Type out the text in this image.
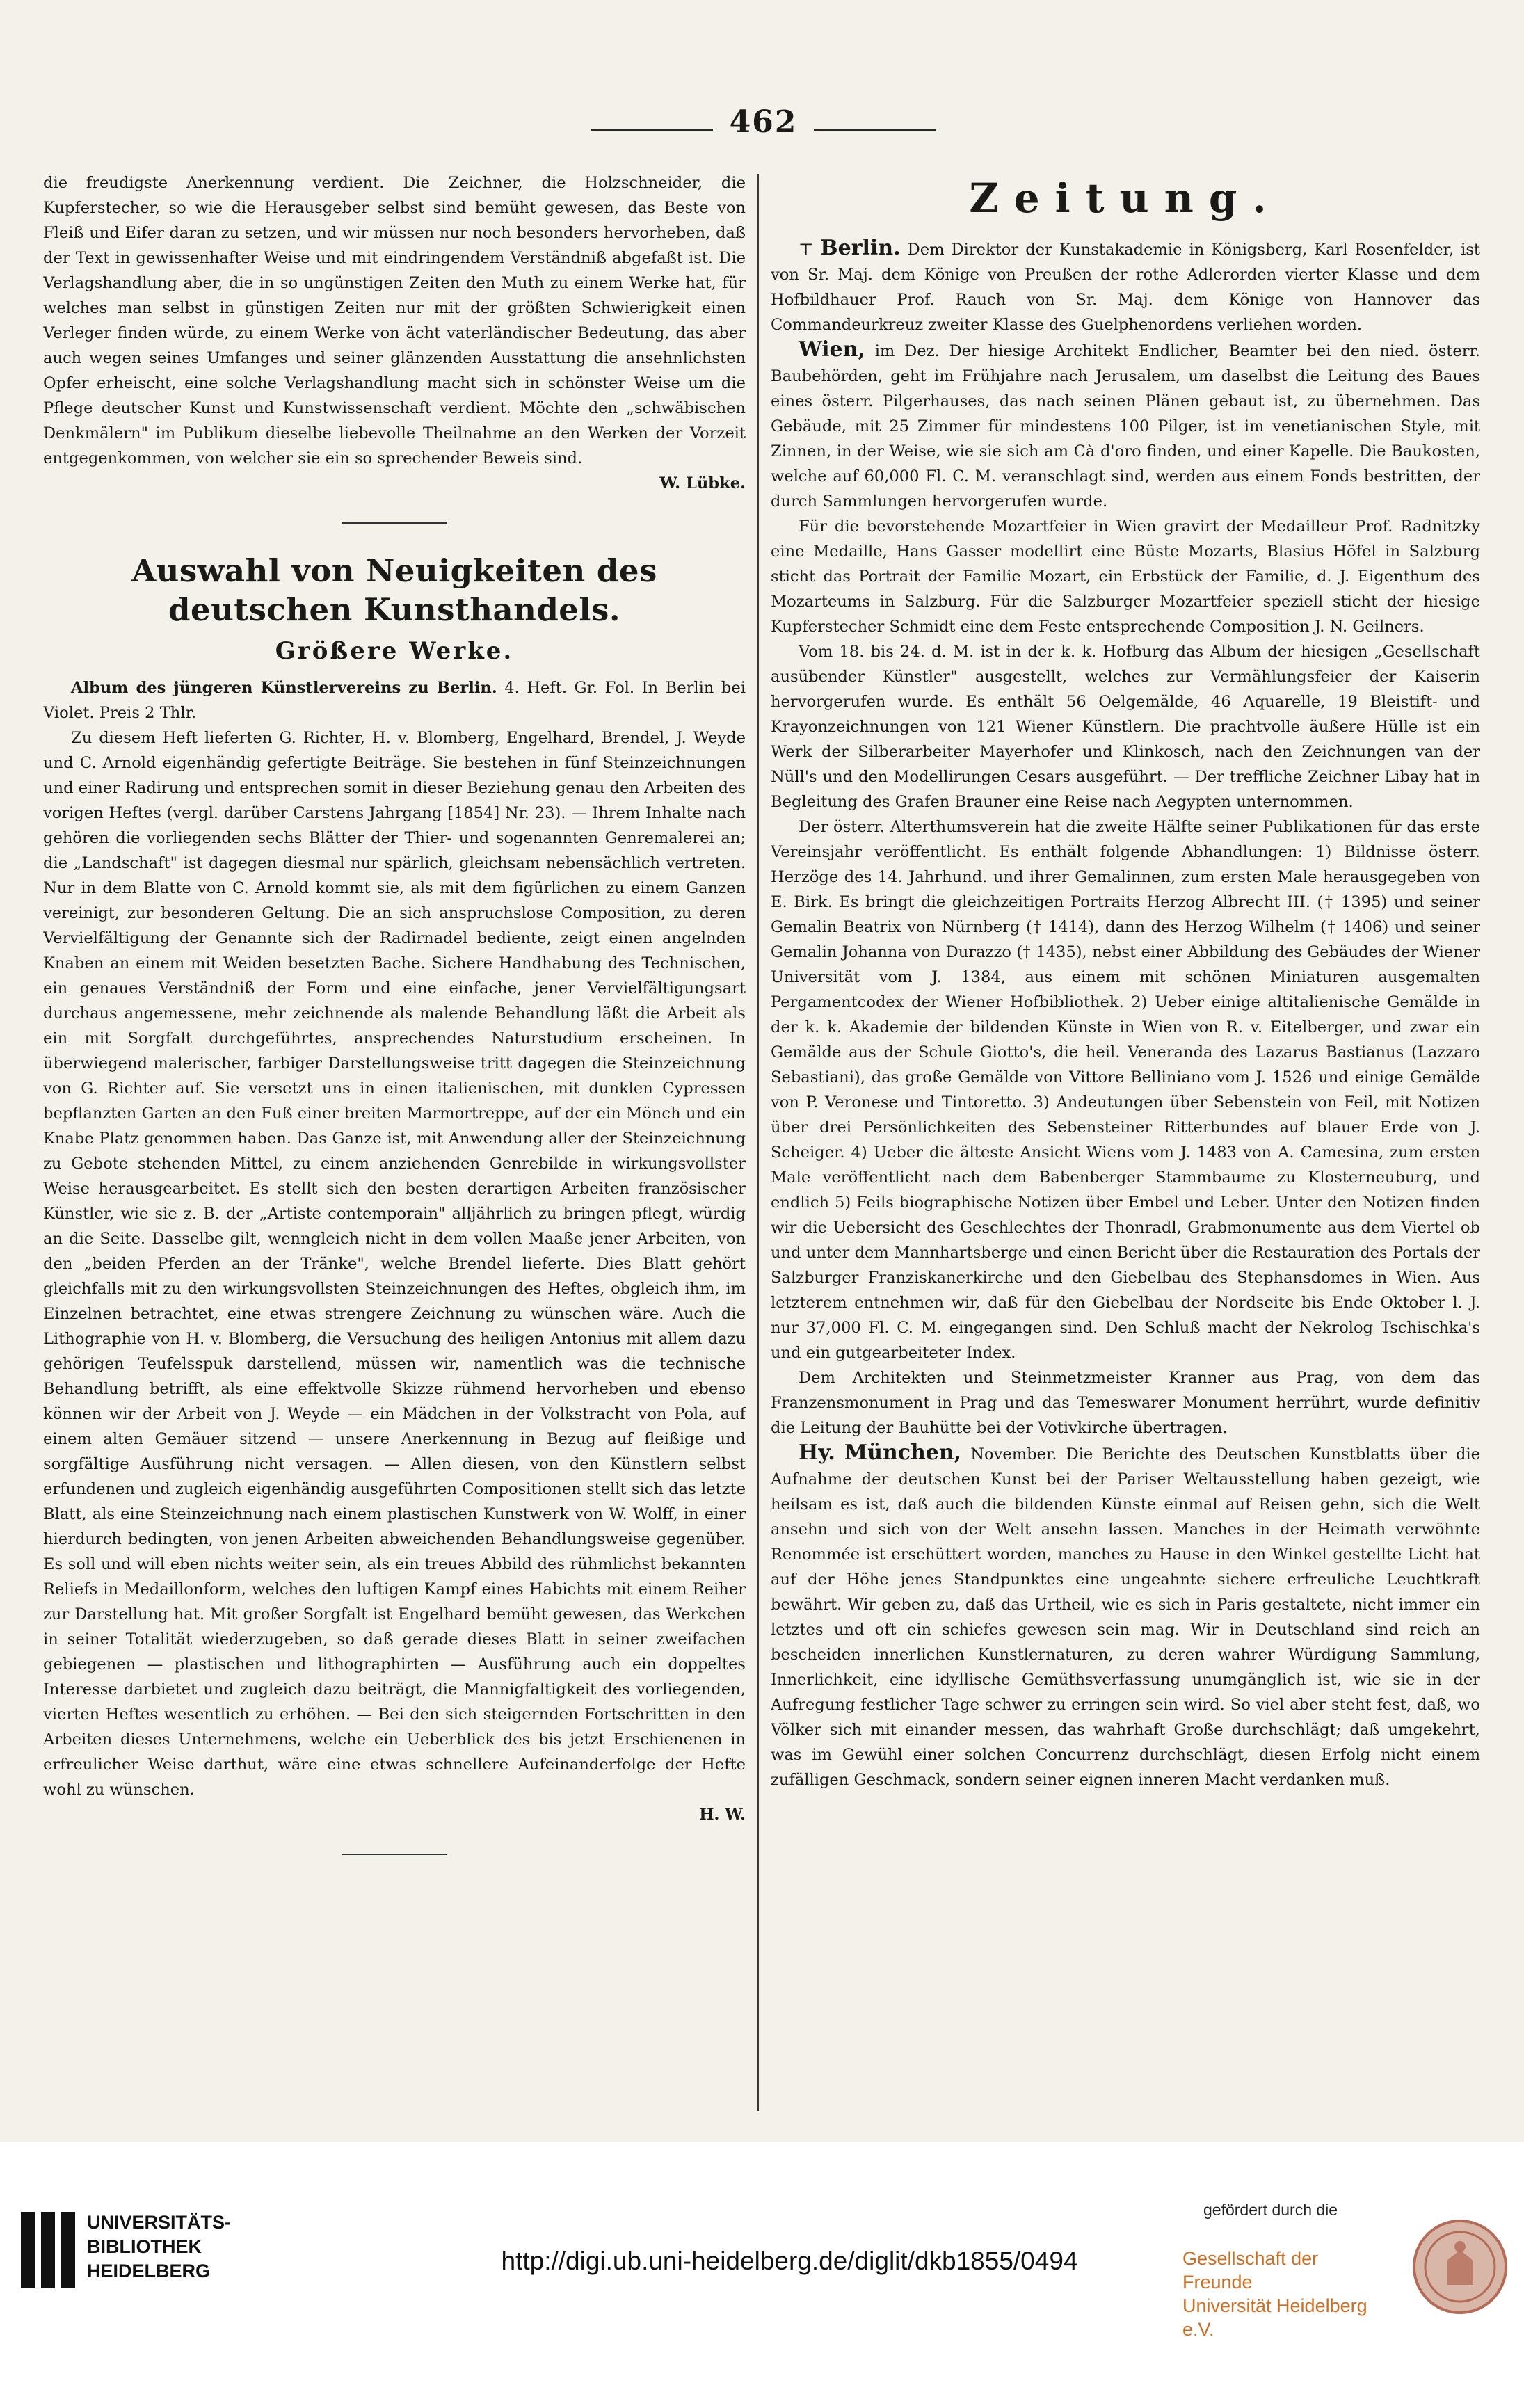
462

die freudigste Anerkennung verdient. Die Zeichner, die Holzschneider, die Kupferstecher, so wie die Herausgeber selbst sind bemüht gewesen, das Beste von Fleiß und Eifer daran zu setzen, und wir müssen nur noch besonders hervorheben, daß der Text in gewissenhafter Weise und mit eindringendem Verständniß abgefaßt ist. Die Verlagshandlung aber, die in so ungünstigen Zeiten den Muth zu einem Werke hat, für welches man selbst in günstigen Zeiten nur mit der größten Schwierigkeit einen Verleger finden würde, zu einem Werke von ächt vaterländischer Bedeutung, das aber auch wegen seines Umfanges und seiner glänzenden Ausstattung die ansehnlichsten Opfer erheischt, eine solche Verlagshandlung macht sich in schönster Weise um die Pflege deutscher Kunst und Kunstwissenschaft verdient. Möchte den „schwäbischen Denkmälern" im Publikum dieselbe liebevolle Theilnahme an den Werken der Vorzeit entgegenkommen, von welcher sie ein so sprechender Beweis sind.

W. Lübke.
Auswahl von Neuigkeiten des deutschen Kunsthandels.
Größere Werke.

Album des jüngeren Künstlervereins zu Berlin. 4. Heft. Gr. Fol. In Berlin bei Violet. Preis 2 Thlr.

Zu diesem Heft lieferten G. Richter, H. v. Blomberg, Engelhard, Brendel, J. Weyde und C. Arnold eigenhändig gefertigte Beiträge. Sie bestehen in fünf Steinzeichnungen und einer Radirung und entsprechen somit in dieser Beziehung genau den Arbeiten des vorigen Heftes (vergl. darüber Carstens Jahrgang [1854] Nr. 23). — Ihrem Inhalte nach gehören die vorliegenden sechs Blätter der Thier- und sogenannten Genremalerei an; die „Landschaft" ist dagegen diesmal nur spärlich, gleichsam nebensächlich vertreten. Nur in dem Blatte von C. Arnold kommt sie, als mit dem figürlichen zu einem Ganzen vereinigt, zur besonderen Geltung. Die an sich anspruchslose Composition, zu deren Vervielfältigung der Genannte sich der Radirnadel bediente, zeigt einen angelnden Knaben an einem mit Weiden besetzten Bache. Sichere Handhabung des Technischen, ein genaues Verständniß der Form und eine einfache, jener Vervielfältigungsart durchaus angemessene, mehr zeichnende als malende Behandlung läßt die Arbeit als ein mit Sorgfalt durchgeführtes, ansprechendes Naturstudium erscheinen. In überwiegend malerischer, farbiger Darstellungsweise tritt dagegen die Steinzeichnung von G. Richter auf. Sie versetzt uns in einen italienischen, mit dunklen Cypressen bepflanzten Garten an den Fuß einer breiten Marmortreppe, auf der ein Mönch und ein Knabe Platz genommen haben. Das Ganze ist, mit Anwendung aller der Steinzeichnung zu Gebote stehenden Mittel, zu einem anziehenden Genrebilde in wirkungsvollster Weise herausgearbeitet. Es stellt sich den besten derartigen Arbeiten französischer Künstler, wie sie z. B. der „Artiste contemporain" alljährlich zu bringen pflegt, würdig an die Seite. Dasselbe gilt, wenngleich nicht in dem vollen Maaße jener Arbeiten, von den „beiden Pferden an der Tränke", welche Brendel lieferte. Dies Blatt gehört gleichfalls mit zu den wirkungsvollsten Steinzeichnungen des Heftes, obgleich ihm, im Einzelnen betrachtet, eine etwas strengere Zeichnung zu wünschen wäre. Auch die Lithographie von H. v. Blomberg, die Versuchung des heiligen Antonius mit allem dazu gehörigen Teufelsspuk darstellend, müssen wir, namentlich was die technische Behandlung betrifft, als eine effektvolle Skizze rühmend hervorheben und ebenso können wir der Arbeit von J. Weyde — ein Mädchen in der Volkstracht von Pola, auf einem alten Gemäuer sitzend — unsere Anerkennung in Bezug auf fleißige und sorgfältige Ausführung nicht versagen. — Allen diesen, von den Künstlern selbst erfundenen und zugleich eigenhändig ausgeführten Compositionen stellt sich das letzte Blatt, als eine Steinzeichnung nach einem plastischen Kunstwerk von W. Wolff, in einer hierdurch bedingten, von jenen Arbeiten abweichenden Behandlungsweise gegenüber. Es soll und will eben nichts weiter sein, als ein treues Abbild des rühmlichst bekannten Reliefs in Medaillonform, welches den luftigen Kampf eines Habichts mit einem Reiher zur Darstellung hat. Mit großer Sorgfalt ist Engelhard bemüht gewesen, das Werkchen in seiner Totalität wiederzugeben, so daß gerade dieses Blatt in seiner zweifachen gebiegenen — plastischen und lithographirten — Ausführung auch ein doppeltes Interesse darbietet und zugleich dazu beiträgt, die Mannigfaltigkeit des vorliegenden, vierten Heftes wesentlich zu erhöhen. — Bei den sich steigernden Fortschritten in den Arbeiten dieses Unternehmens, welche ein Ueberblick des bis jetzt Erschienenen in erfreulicher Weise darthut, wäre eine etwas schnellere Aufeinanderfolge der Hefte wohl zu wünschen.

H. W.
Zeitung.

⊤ Berlin. Dem Direktor der Kunstakademie in Königsberg, Karl Rosenfelder, ist von Sr. Maj. dem Könige von Preußen der rothe Adlerorden vierter Klasse und dem Hofbildhauer Prof. Rauch von Sr. Maj. dem Könige von Hannover das Commandeurkreuz zweiter Klasse des Guelphenordens verliehen worden.

Wien, im Dez. Der hiesige Architekt Endlicher, Beamter bei den nied. österr. Baubehörden, geht im Frühjahre nach Jerusalem, um daselbst die Leitung des Baues eines österr. Pilgerhauses, das nach seinen Plänen gebaut ist, zu übernehmen. Das Gebäude, mit 25 Zimmer für mindestens 100 Pilger, ist im venetianischen Style, mit Zinnen, in der Weise, wie sie sich am Cà d'oro finden, und einer Kapelle. Die Baukosten, welche auf 60,000 Fl. C. M. veranschlagt sind, werden aus einem Fonds bestritten, der durch Sammlungen hervorgerufen wurde.

Für die bevorstehende Mozartfeier in Wien gravirt der Medailleur Prof. Radnitzky eine Medaille, Hans Gasser modellirt eine Büste Mozarts, Blasius Höfel in Salzburg sticht das Portrait der Familie Mozart, ein Erbstück der Familie, d. J. Eigenthum des Mozarteums in Salzburg. Für die Salzburger Mozartfeier speziell sticht der hiesige Kupferstecher Schmidt eine dem Feste entsprechende Composition J. N. Geilners.

Vom 18. bis 24. d. M. ist in der k. k. Hofburg das Album der hiesigen „Gesellschaft ausübender Künstler" ausgestellt, welches zur Vermählungsfeier der Kaiserin hervorgerufen wurde. Es enthält 56 Oelgemälde, 46 Aquarelle, 19 Bleistift- und Krayonzeichnungen von 121 Wiener Künstlern. Die prachtvolle äußere Hülle ist ein Werk der Silberarbeiter Mayerhofer und Klinkosch, nach den Zeichnungen van der Nüll's und den Modellirungen Cesars ausgeführt. — Der treffliche Zeichner Libay hat in Begleitung des Grafen Brauner eine Reise nach Aegypten unternommen.

Der österr. Alterthumsverein hat die zweite Hälfte seiner Publikationen für das erste Vereinsjahr veröffentlicht. Es enthält folgende Abhandlungen: 1) Bildnisse österr. Herzöge des 14. Jahrhund. und ihrer Gemalinnen, zum ersten Male herausgegeben von E. Birk. Es bringt die gleichzeitigen Portraits Herzog Albrecht III. († 1395) und seiner Gemalin Beatrix von Nürnberg († 1414), dann des Herzog Wilhelm († 1406) und seiner Gemalin Johanna von Durazzo († 1435), nebst einer Abbildung des Gebäudes der Wiener Universität vom J. 1384, aus einem mit schönen Miniaturen ausgemalten Pergamentcodex der Wiener Hofbibliothek. 2) Ueber einige altitalienische Gemälde in der k. k. Akademie der bildenden Künste in Wien von R. v. Eitelberger, und zwar ein Gemälde aus der Schule Giotto's, die heil. Veneranda des Lazarus Bastianus (Lazzaro Sebastiani), das große Gemälde von Vittore Belliniano vom J. 1526 und einige Gemälde von P. Veronese und Tintoretto. 3) Andeutungen über Sebenstein von Feil, mit Notizen über drei Persönlichkeiten des Sebensteiner Ritterbundes auf blauer Erde von J. Scheiger. 4) Ueber die älteste Ansicht Wiens vom J. 1483 von A. Camesina, zum ersten Male veröffentlicht nach dem Babenberger Stammbaume zu Klosterneuburg, und endlich 5) Feils biographische Notizen über Embel und Leber. Unter den Notizen finden wir die Uebersicht des Geschlechtes der Thonradl, Grabmonumente aus dem Viertel ob und unter dem Mannhartsberge und einen Bericht über die Restauration des Portals der Salzburger Franziskanerkirche und den Giebelbau des Stephansdomes in Wien. Aus letzterem entnehmen wir, daß für den Giebelbau der Nordseite bis Ende Oktober l. J. nur 37,000 Fl. C. M. eingegangen sind. Den Schluß macht der Nekrolog Tschischka's und ein gutgearbeiteter Index.

Dem Architekten und Steinmetzmeister Kranner aus Prag, von dem das Franzensmonument in Prag und das Temeswarer Monument herrührt, wurde definitiv die Leitung der Bauhütte bei der Votivkirche übertragen.

Hy. München, November. Die Berichte des Deutschen Kunstblatts über die Aufnahme der deutschen Kunst bei der Pariser Weltausstellung haben gezeigt, wie heilsam es ist, daß auch die bildenden Künste einmal auf Reisen gehn, sich die Welt ansehn und sich von der Welt ansehn lassen. Manches in der Heimath verwöhnte Renommée ist erschüttert worden, manches zu Hause in den Winkel gestellte Licht hat auf der Höhe jenes Standpunktes eine ungeahnte sichere erfreuliche Leuchtkraft bewährt. Wir geben zu, daß das Urtheil, wie es sich in Paris gestaltete, nicht immer ein letztes und oft ein schiefes gewesen sein mag. Wir in Deutschland sind reich an bescheiden innerlichen Kunstlernaturen, zu deren wahrer Würdigung Sammlung, Innerlichkeit, eine idyllische Gemüthsverfassung unumgänglich ist, wie sie in der Aufregung festlicher Tage schwer zu erringen sein wird. So viel aber steht fest, daß, wo Völker sich mit einander messen, das wahrhaft Große durchschlägt; daß umgekehrt, was im Gewühl einer solchen Concurrenz durchschlägt, diesen Erfolg nicht einem zufälligen Geschmack, sondern seiner eignen inneren Macht verdanken muß.

UNIVERSITÄTS-
BIBLIOTHEK
HEIDELBERG	http://digi.ub.uni-heidelberg.de/diglit/dkb1855/0494
gefördert durch die
Gesellschaft der Freunde
Universität Heidelberg e.V.
